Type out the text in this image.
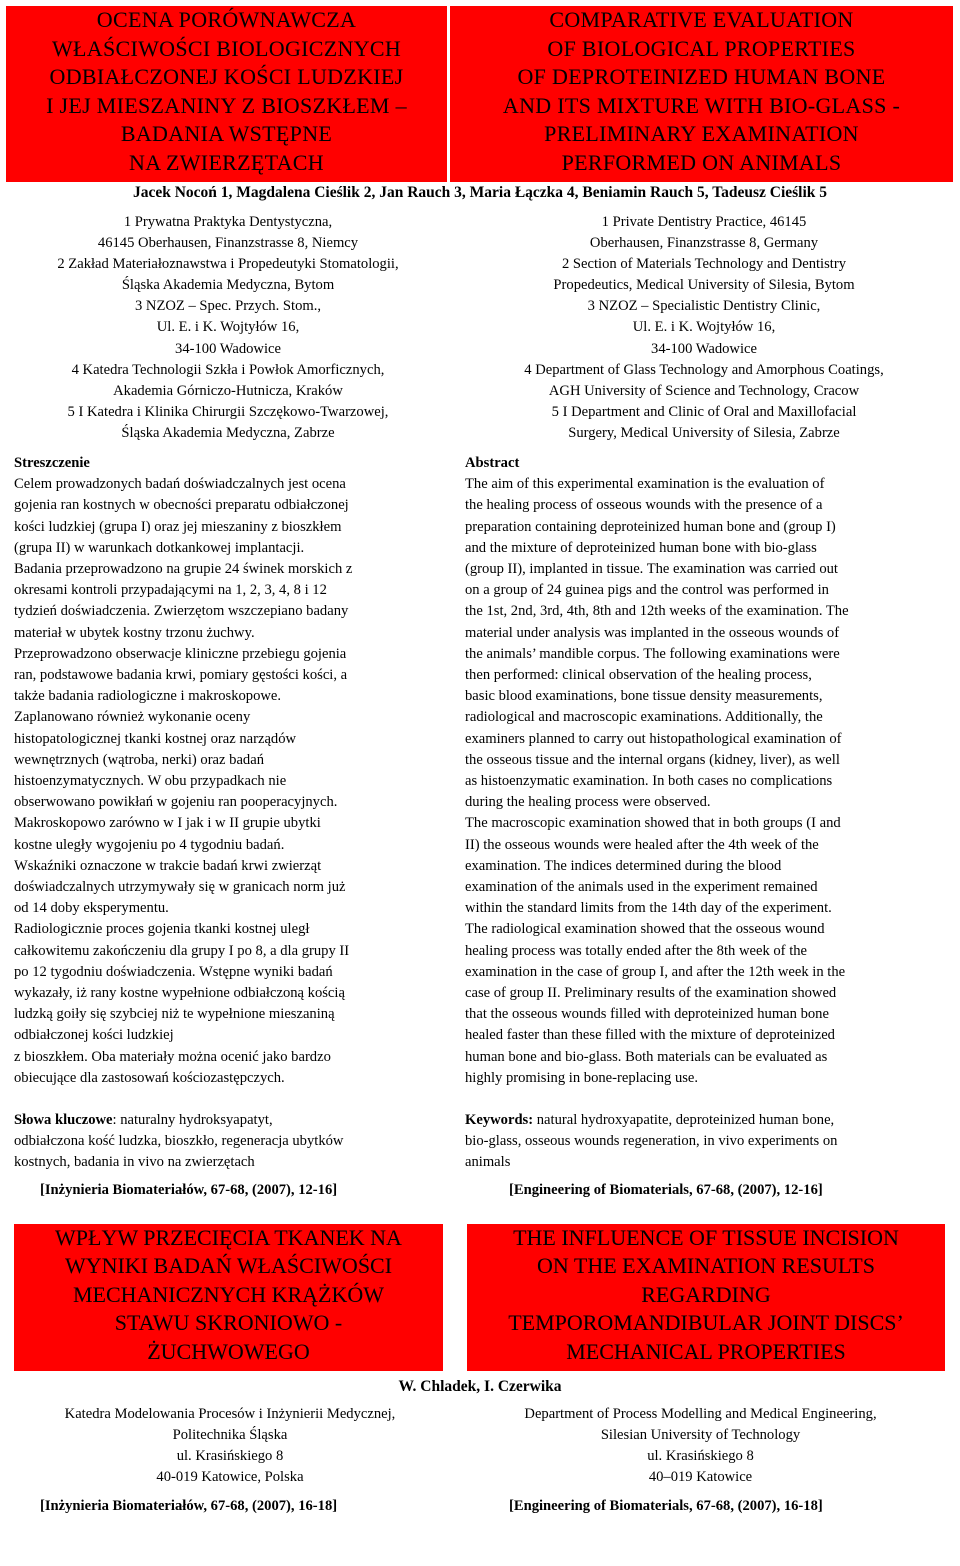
OCENA PORÓWNAWCZA
WŁAŚCIWOŚCI BIOLOGICZNYCH
ODBIAŁCZONEJ KOŚCI LUDZKIEJ
I JEJ MIESZANINY Z BIOSZKŁEM –
BADANIA WSTĘPNE
NA ZWIERZĘTACH
COMPARATIVE EVALUATION
OF BIOLOGICAL PROPERTIES
OF DEPROTEINIZED HUMAN BONE
AND ITS MIXTURE WITH BIO-GLASS -
PRELIMINARY EXAMINATION
PERFORMED ON ANIMALS
Jacek Nocoń 1, Magdalena Cieślik 2, Jan Rauch 3, Maria Łączka 4, Beniamin Rauch 5, Tadeusz Cieślik 5
1 Prywatna Praktyka Dentystyczna,
46145 Oberhausen, Finanzstrasse 8, Niemcy
2 Zakład Materiałoznawstwa i Propedeutyki Stomatologii,
Śląska Akademia Medyczna, Bytom
3 NZOZ – Spec. Przych. Stom.,
Ul. E. i K. Wojtyłów 16,
34-100 Wadowice
4 Katedra Technologii Szkła i Powłok Amorficznych,
Akademia Górniczo-Hutnicza, Kraków
5 I Katedra i Klinika Chirurgii Szczękowo-Twarzowej,
Śląska Akademia Medyczna, Zabrze
1 Private Dentistry Practice, 46145
Oberhausen, Finanzstrasse 8, Germany
2 Section of Materials Technology and Dentistry
Propedeutics, Medical University of Silesia, Bytom
3 NZOZ – Specialistic Dentistry Clinic,
Ul. E. i K. Wojtyłów 16,
34-100 Wadowice
4 Department of Glass Technology and Amorphous Coatings,
AGH University of Science and Technology, Cracow
5 I Department and Clinic of Oral and Maxillofacial
Surgery, Medical University of Silesia, Zabrze
Streszczenie
Celem prowadzonych badań doświadczalnych jest ocena
gojenia ran kostnych w obecności preparatu odbiałczonej
kości ludzkiej (grupa I) oraz jej mieszaniny z bioszkłem
(grupa II) w warunkach dotkankowej implantacji.
Badania przeprowadzono na grupie 24 świnek morskich z
okresami kontroli przypadającymi na 1, 2, 3, 4, 8 i 12
tydzień doświadczenia. Zwierzętom wszczepiano badany
materiał w ubytek kostny trzonu żuchwy.
Przeprowadzono obserwacje kliniczne przebiegu gojenia
ran, podstawowe badania krwi, pomiary gęstości kości, a
także badania radiologiczne i makroskopowe.
Zaplanowano również wykonanie oceny
histopatologicznej tkanki kostnej oraz narządów
wewnętrznych (wątroba, nerki) oraz badań
histoenzymatycznych. W obu przypadkach nie
obserwowano powikłań w gojeniu ran pooperacyjnych.
Makroskopowo zarówno w I jak i w II grupie ubytki
kostne uległy wygojeniu po 4 tygodniu badań.
Wskaźniki oznaczone w trakcie badań krwi zwierząt
doświadczalnych utrzymywały się w granicach norm już
od 14 doby eksperymentu.
Radiologicznie proces gojenia tkanki kostnej uległ
całkowitemu zakończeniu dla grupy I po 8, a dla grupy II
po 12 tygodniu doświadczenia. Wstępne wyniki badań
wykazały, iż rany kostne wypełnione odbiałczoną kością
ludzką goiły się szybciej niż te wypełnione mieszaniną
odbiałczonej kości ludzkiej
z bioszkłem. Oba materiały można ocenić jako bardzo
obiecujące dla zastosowań kościozastępczych.
Abstract
The aim of this experimental examination is the evaluation of
the healing process of osseous wounds with the presence of a
preparation containing deproteinized human bone and (group I)
and the mixture of deproteinized human bone with bio-glass
(group II), implanted in tissue. The examination was carried out
on a group of 24 guinea pigs and the control was performed in
the 1st, 2nd, 3rd, 4th, 8th and 12th weeks of the examination. The
material under analysis was implanted in the osseous wounds of
the animals’ mandible corpus. The following examinations were
then performed: clinical observation of the healing process,
basic blood examinations, bone tissue density measurements,
radiological and macroscopic examinations. Additionally, the
examiners planned to carry out histopathological examination of
the osseous tissue and the internal organs (kidney, liver), as well
as histoenzymatic examination. In both cases no complications
during the healing process were observed.
The macroscopic examination showed that in both groups (I and
II) the osseous wounds were healed after the 4th week of the
examination. The indices determined during the blood
examination of the animals used in the experiment remained
within the standard limits from the 14th day of the experiment.
The radiological examination showed that the osseous wound
healing process was totally ended after the 8th week of the
examination in the case of group I, and after the 12th week in the
case of group II. Preliminary results of the examination showed
that the osseous wounds filled with deproteinized human bone
healed faster than these filled with the mixture of deproteinized
human bone and bio-glass. Both materials can be evaluated as
highly promising in bone-replacing use.
Słowa kluczowe: naturalny hydroksyapatyt,
odbiałczona kość ludzka, bioszkło, regeneracja ubytków
kostnych, badania in vivo na zwierzętach
Keywords: natural hydroxyapatite, deproteinized human bone,
bio-glass, osseous wounds regeneration, in vivo experiments on
animals
[Inżynieria Biomateriałów, 67-68, (2007), 12-16]	[Engineering of Biomaterials, 67-68, (2007), 12-16]
WPŁYW PRZECIĘCIA TKANEK NA
WYNIKI BADAŃ WŁAŚCIWOŚCI
MECHANICZNYCH KRĄŻKÓW
STAWU SKRONIOWO -
ŻUCHWOWEGO
THE INFLUENCE OF TISSUE INCISION
ON THE EXAMINATION RESULTS
REGARDING
TEMPOROMANDIBULAR JOINT DISCS’
MECHANICAL PROPERTIES
W. Chladek, I. Czerwika
Katedra Modelowania Procesów i Inżynierii Medycznej,
Politechnika Śląska
ul. Krasińskiego 8
40-019 Katowice, Polska
Department of Process Modelling and Medical Engineering,
Silesian University of Technology
ul. Krasińskiego 8
40–019 Katowice
[Inżynieria Biomateriałów, 67-68, (2007), 16-18]	[Engineering of Biomaterials, 67-68, (2007), 16-18]
